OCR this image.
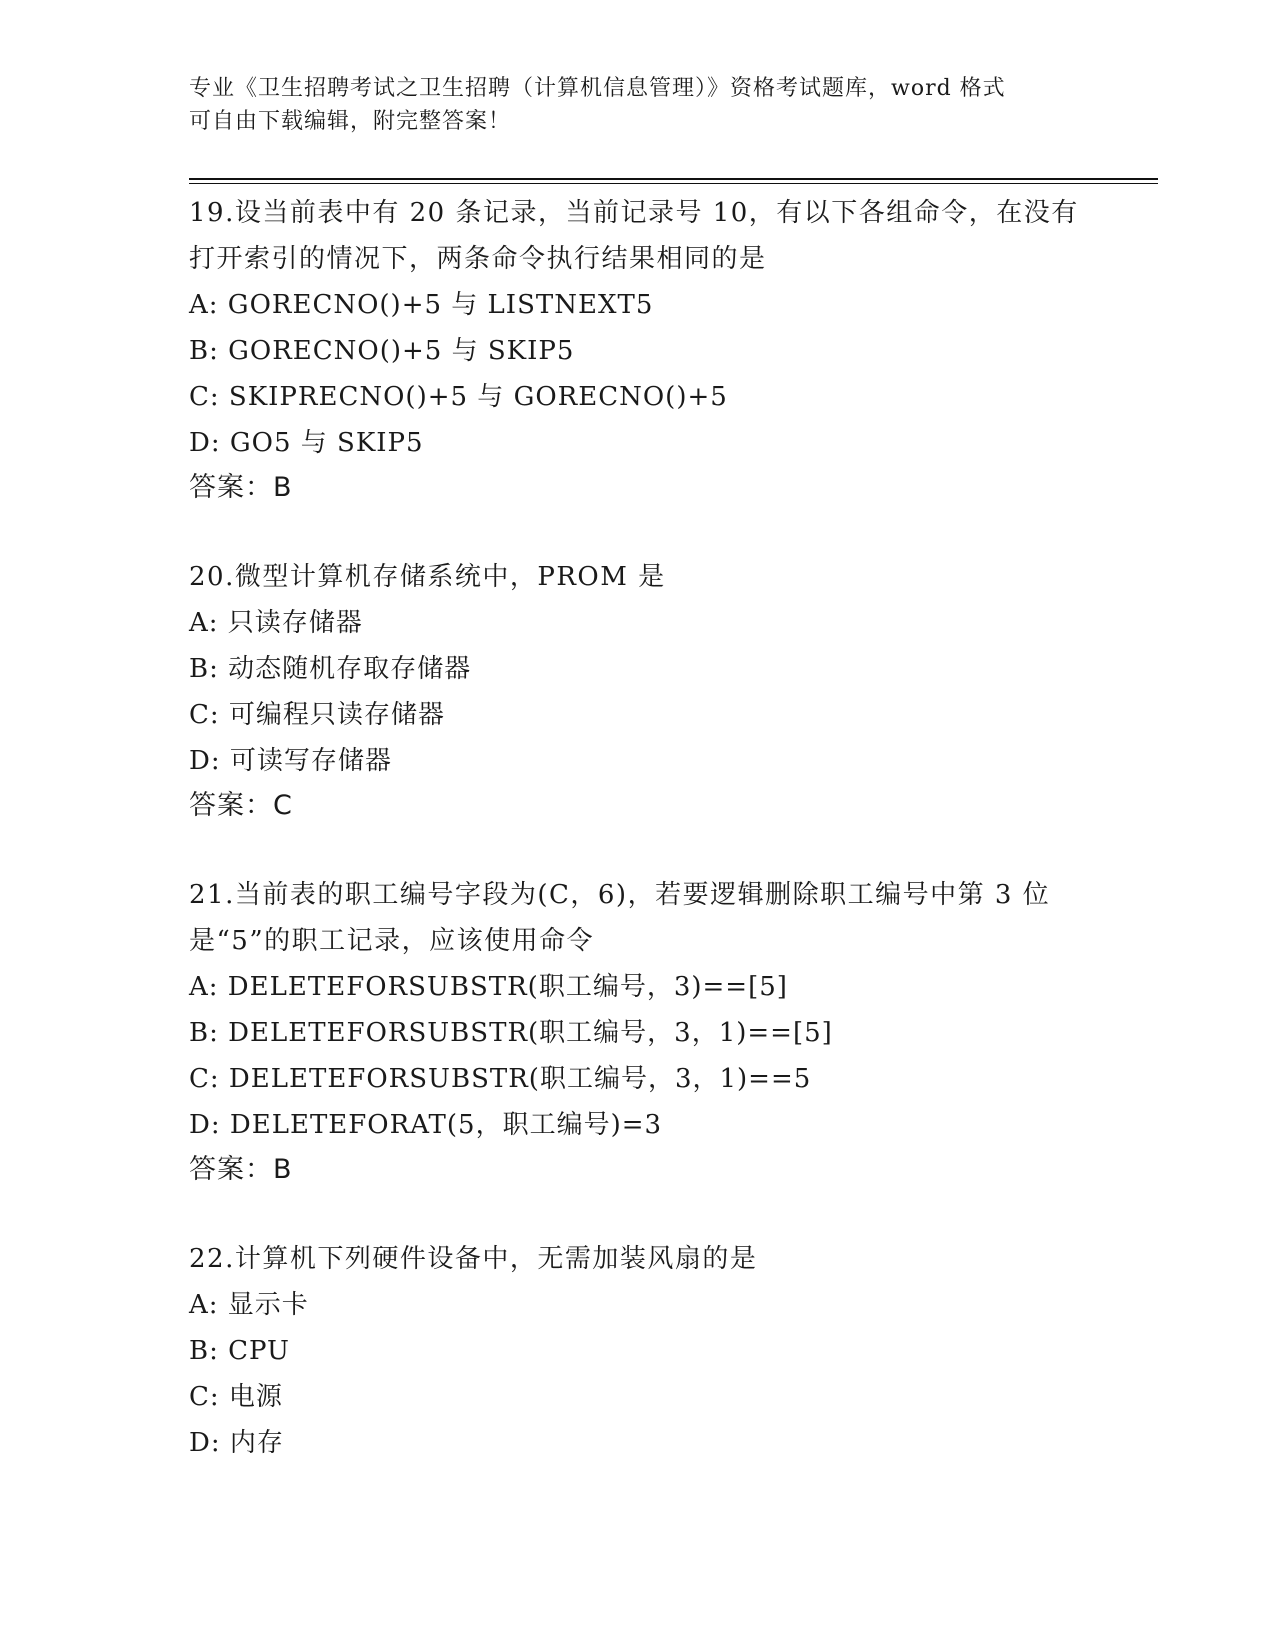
专业《卫生招聘考试之卫生招聘（计算机信息管理）》资格考试题库，word 格式
可自由下载编辑，附完整答案！
19.设当前表中有 20 条记录，当前记录号 10，有以下各组命令，在没有打开索引的情况下，两条命令执行结果相同的是
A: GORECNO()+5 与 LISTNEXT5
B: GORECNO()+5 与 SKIP5
C: SKIPRECNO()+5 与 GORECNO()+5
D: GO5 与 SKIP5
答案：B
20.微型计算机存储系统中，PROM 是
A: 只读存储器
B: 动态随机存取存储器
C: 可编程只读存储器
D: 可读写存储器
答案：C
21.当前表的职工编号字段为(C，6)，若要逻辑删除职工编号中第 3 位是“5”的职工记录，应该使用命令
A: DELETEFORSUBSTR(职工编号，3)==[5]
B: DELETEFORSUBSTR(职工编号，3，1)==[5]
C: DELETEFORSUBSTR(职工编号，3，1)==5
D: DELETEFORAT(5，职工编号)=3
答案：B
22.计算机下列硬件设备中，无需加装风扇的是
A: 显示卡
B: CPU
C: 电源
D: 内存
